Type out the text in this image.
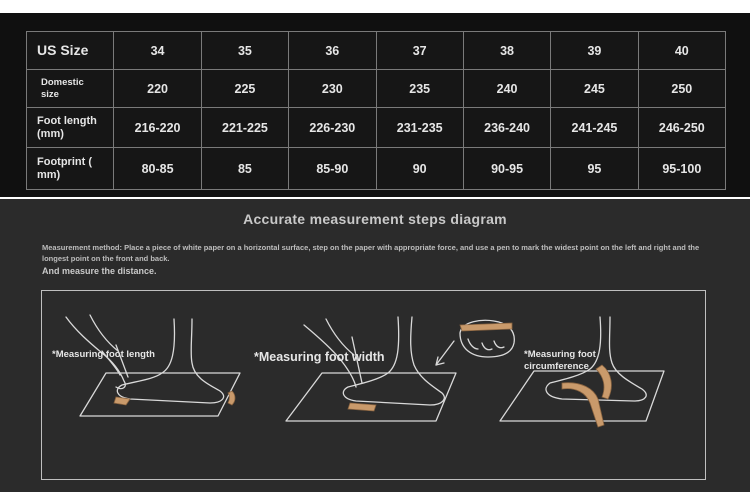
US Size	34	35	36	37	38	39	40
Domestic
size	220	225	230	235	240	245	250
Foot length
(mm)	216-220	221-225	226-230	231-235	236-240	241-245	246-250
Footprint (
mm)	80-85	85	85-90	90	90-95	95	95-100
Accurate measurement steps diagram
Measurement method: Place a piece of white paper on a horizontal surface, step on the paper with appropriate force, and use a pen to mark the widest point on the left and right and the longest point on the front and back.
And measure the distance.
*Measuring foot length	*Measuring foot width	*Measuring foot circumference
